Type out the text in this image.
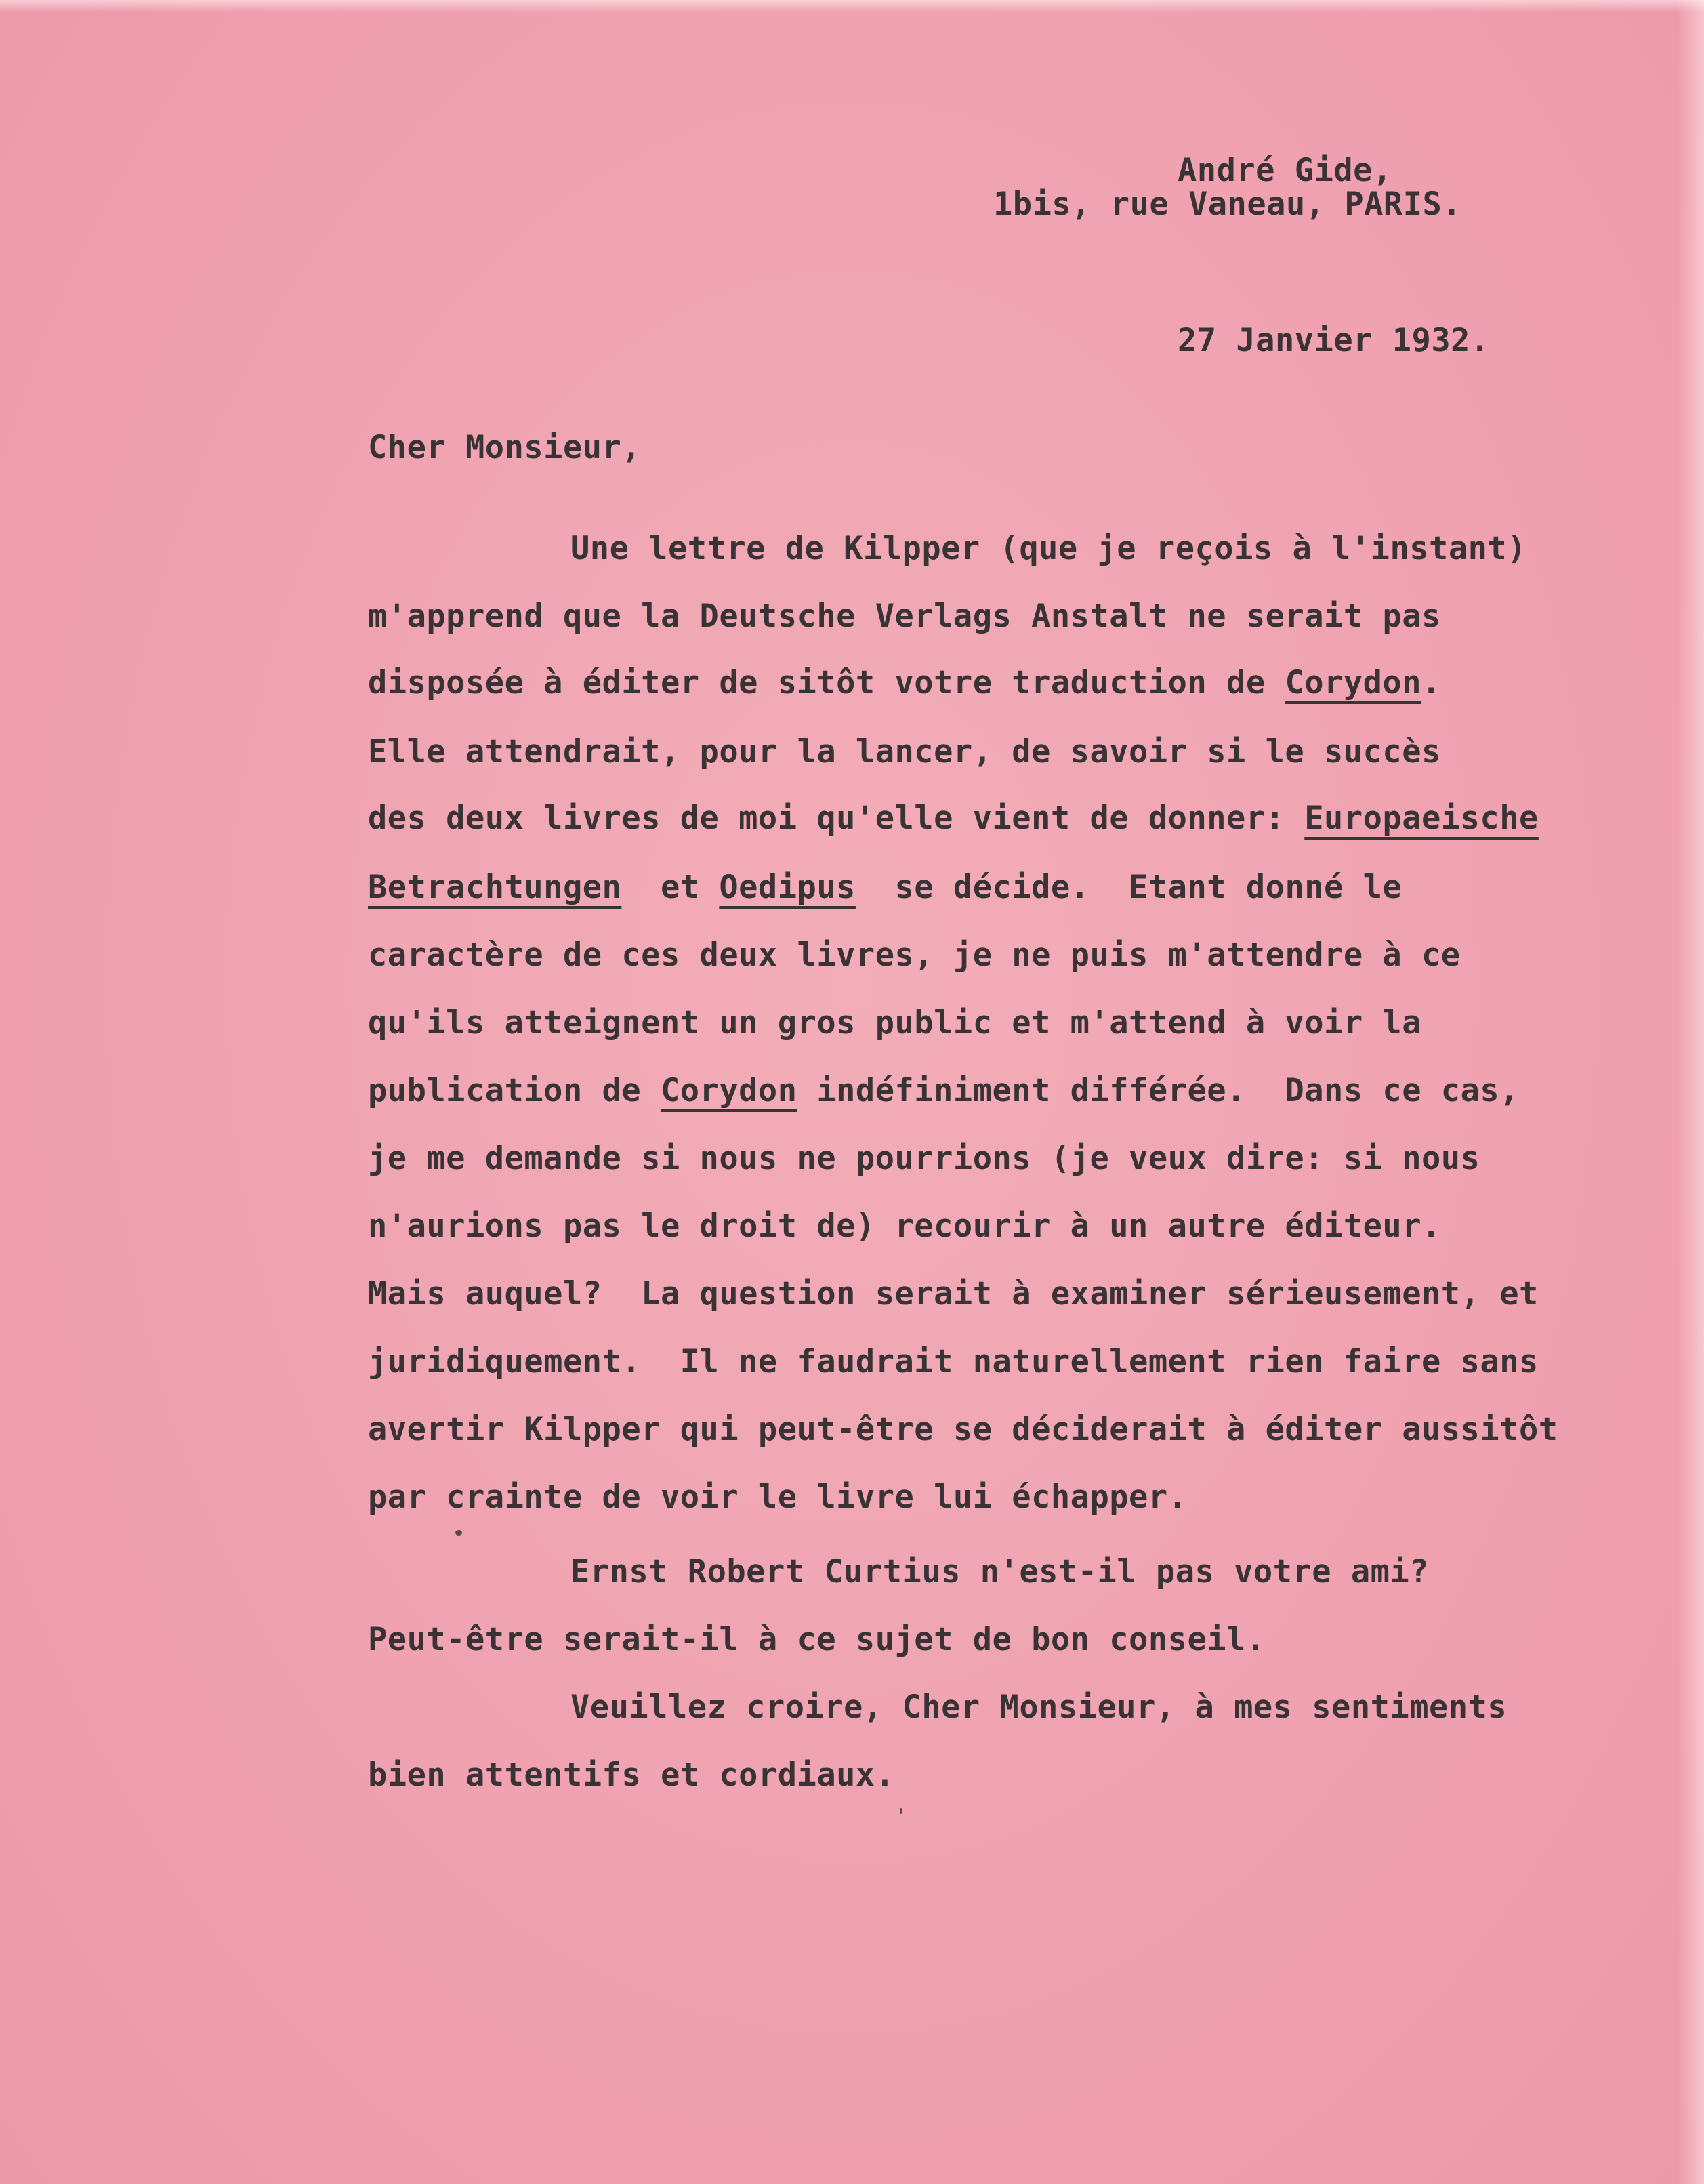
André Gide,
1bis, rue Vaneau, PARIS.
27 Janvier 1932.
Cher Monsieur,
Une lettre de Kilpper (que je reçois à l'instant)
m'apprend que la Deutsche Verlags Anstalt ne serait pas
disposée à éditer de sitôt votre traduction de Corydon.
Elle attendrait, pour la lancer, de savoir si le succès
des deux livres de moi qu'elle vient de donner: Europaeische
Betrachtungen  et Oedipus  se décide.  Etant donné le
caractère de ces deux livres, je ne puis m'attendre à ce
qu'ils atteignent un gros public et m'attend à voir la
publication de Corydon indéfiniment différée.  Dans ce cas,
je me demande si nous ne pourrions (je veux dire: si nous
n'aurions pas le droit de) recourir à un autre éditeur.
Mais auquel?  La question serait à examiner sérieusement, et
juridiquement.  Il ne faudrait naturellement rien faire sans
avertir Kilpper qui peut-être se déciderait à éditer aussitôt
par crainte de voir le livre lui échapper.
Ernst Robert Curtius n'est-il pas votre ami?
Peut-être serait-il à ce sujet de bon conseil.
Veuillez croire, Cher Monsieur, à mes sentiments
bien attentifs et cordiaux.
